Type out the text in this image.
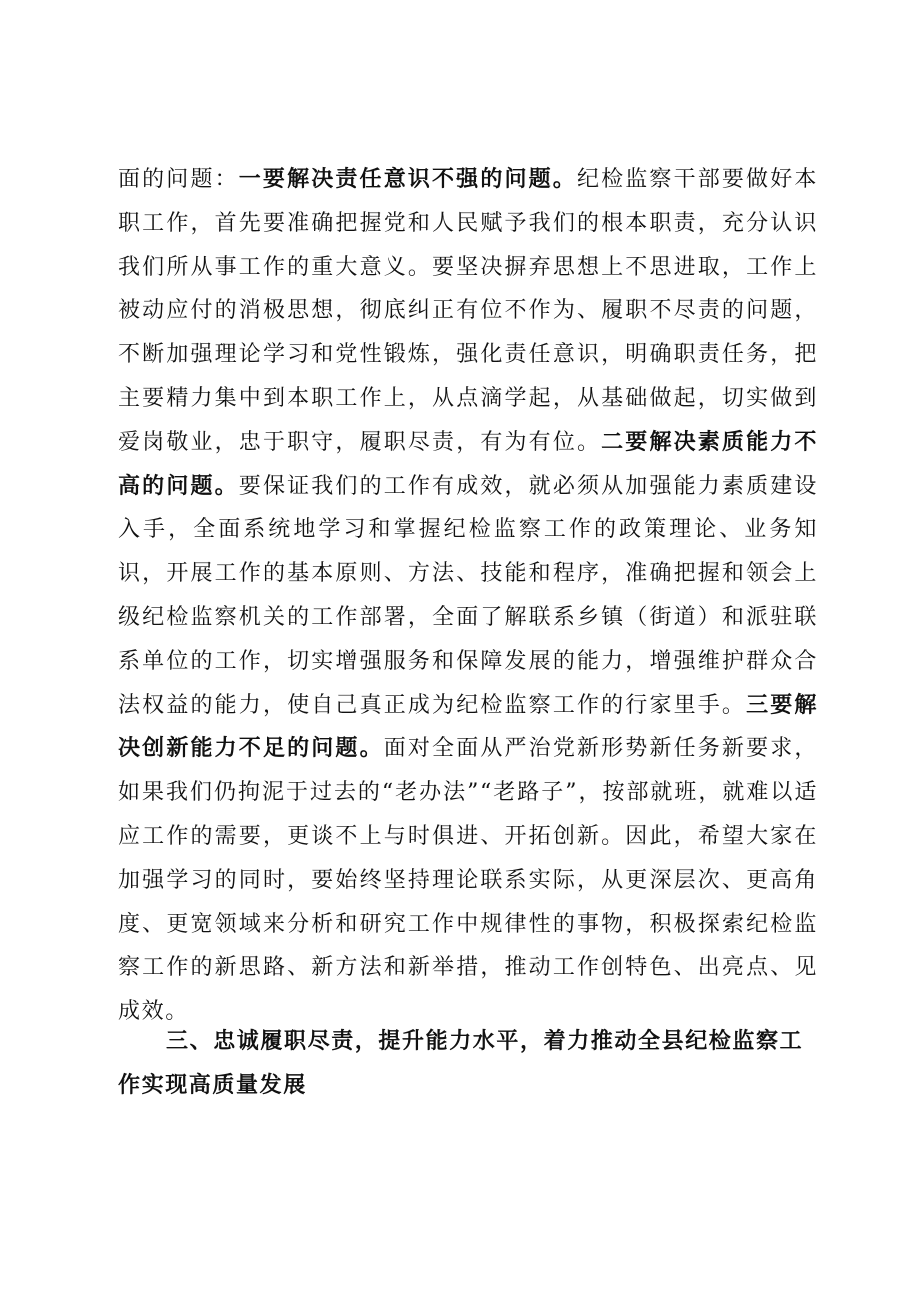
面的问题：一要解决责任意识不强的问题。纪检监察干部要做好本职工作，首先要准确把握党和人民赋予我们的根本职责，充分认识我们所从事工作的重大意义。要坚决摒弃思想上不思进取，工作上被动应付的消极思想，彻底纠正有位不作为、履职不尽责的问题，不断加强理论学习和党性锻炼，强化责任意识，明确职责任务，把主要精力集中到本职工作上，从点滴学起，从基础做起，切实做到爱岗敬业，忠于职守，履职尽责，有为有位。二要解决素质能力不高的问题。要保证我们的工作有成效，就必须从加强能力素质建设入手，全面系统地学习和掌握纪检监察工作的政策理论、业务知识，开展工作的基本原则、方法、技能和程序，准确把握和领会上级纪检监察机关的工作部署，全面了解联系乡镇（街道）和派驻联系单位的工作，切实增强服务和保障发展的能力，增强维护群众合法权益的能力，使自己真正成为纪检监察工作的行家里手。三要解决创新能力不足的问题。面对全面从严治党新形势新任务新要求，如果我们仍拘泥于过去的“老办法”“老路子”，按部就班，就难以适应工作的需要，更谈不上与时俱进、开拓创新。因此，希望大家在加强学习的同时，要始终坚持理论联系实际，从更深层次、更高角度、更宽领域来分析和研究工作中规律性的事物，积极探索纪检监察工作的新思路、新方法和新举措，推动工作创特色、出亮点、见成效。

三、忠诚履职尽责，提升能力水平，着力推动全县纪检监察工作实现高质量发展
